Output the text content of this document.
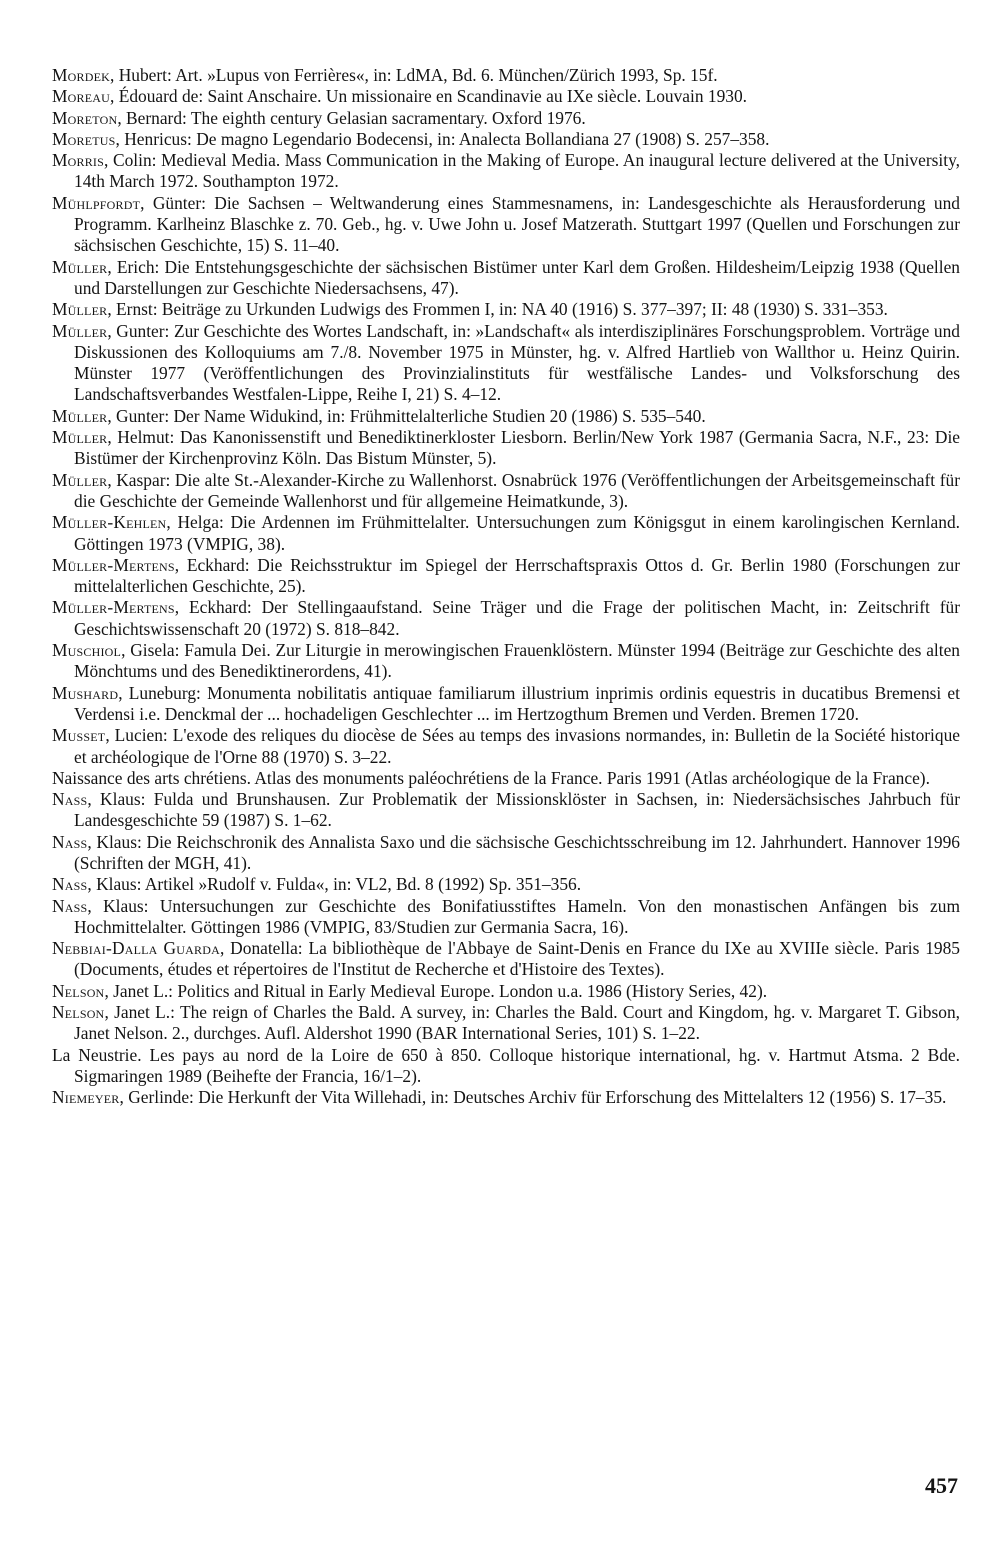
Mordek, Hubert: Art. »Lupus von Ferrières«, in: LdMA, Bd. 6. München/Zürich 1993, Sp. 15f.

Moreau, Édouard de: Saint Anschaire. Un missionaire en Scandinavie au IXe siècle. Louvain 1930.

Moreton, Bernard: The eighth century Gelasian sacramentary. Oxford 1976.

Moretus, Henricus: De magno Legendario Bodecensi, in: Analecta Bollandiana 27 (1908) S. 257–358.

Morris, Colin: Medieval Media. Mass Communication in the Making of Europe. An inaugural lecture delivered at the University, 14th March 1972. Southampton 1972.

Mühlpfordt, Günter: Die Sachsen – Weltwanderung eines Stammesnamens, in: Landesgeschichte als Herausforderung und Programm. Karlheinz Blaschke z. 70. Geb., hg. v. Uwe John u. Josef Matzerath. Stuttgart 1997 (Quellen und Forschungen zur sächsischen Geschichte, 15) S. 11–40.

Müller, Erich: Die Entstehungsgeschichte der sächsischen Bistümer unter Karl dem Großen. Hildesheim/Leipzig 1938 (Quellen und Darstellungen zur Geschichte Niedersachsens, 47).

Müller, Ernst: Beiträge zu Urkunden Ludwigs des Frommen I, in: NA 40 (1916) S. 377–397; II: 48 (1930) S. 331–353.

Müller, Gunter: Zur Geschichte des Wortes Landschaft, in: »Landschaft« als interdisziplinäres Forschungsproblem. Vorträge und Diskussionen des Kolloquiums am 7./8. November 1975 in Münster, hg. v. Alfred Hartlieb von Wallthor u. Heinz Quirin. Münster 1977 (Veröffentlichungen des Provinzialinstituts für westfälische Landes- und Volksforschung des Landschaftsverbandes Westfalen-Lippe, Reihe I, 21) S. 4–12.

Müller, Gunter: Der Name Widukind, in: Frühmittelalterliche Studien 20 (1986) S. 535–540.

Müller, Helmut: Das Kanonissenstift und Benediktinerkloster Liesborn. Berlin/New York 1987 (Germania Sacra, N.F., 23: Die Bistümer der Kirchenprovinz Köln. Das Bistum Münster, 5).

Müller, Kaspar: Die alte St.-Alexander-Kirche zu Wallenhorst. Osnabrück 1976 (Veröffentlichungen der Arbeitsgemeinschaft für die Geschichte der Gemeinde Wallenhorst und für allgemeine Heimatkunde, 3).

Müller-Kehlen, Helga: Die Ardennen im Frühmittelalter. Untersuchungen zum Königsgut in einem karolingischen Kernland. Göttingen 1973 (VMPIG, 38).

Müller-Mertens, Eckhard: Die Reichsstruktur im Spiegel der Herrschaftspraxis Ottos d. Gr. Berlin 1980 (Forschungen zur mittelalterlichen Geschichte, 25).

Müller-Mertens, Eckhard: Der Stellingaaufstand. Seine Träger und die Frage der politischen Macht, in: Zeitschrift für Geschichtswissenschaft 20 (1972) S. 818–842.

Muschiol, Gisela: Famula Dei. Zur Liturgie in merowingischen Frauenklöstern. Münster 1994 (Beiträge zur Geschichte des alten Mönchtums und des Benediktinerordens, 41).

Mushard, Luneburg: Monumenta nobilitatis antiquae familiarum illustrium inprimis ordinis equestris in ducatibus Bremensi et Verdensi i.e. Denckmal der ... hochadeligen Geschlechter ... im Hertzogthum Bremen und Verden. Bremen 1720.

Musset, Lucien: L'exode des reliques du diocèse de Sées au temps des invasions normandes, in: Bulletin de la Société historique et archéologique de l'Orne 88 (1970) S. 3–22.

Naissance des arts chrétiens. Atlas des monuments paléochrétiens de la France. Paris 1991 (Atlas archéologique de la France).

Nass, Klaus: Fulda und Brunshausen. Zur Problematik der Missionsklöster in Sachsen, in: Niedersächsisches Jahrbuch für Landesgeschichte 59 (1987) S. 1–62.

Nass, Klaus: Die Reichschronik des Annalista Saxo und die sächsische Geschichtsschreibung im 12. Jahrhundert. Hannover 1996 (Schriften der MGH, 41).

Nass, Klaus: Artikel »Rudolf v. Fulda«, in: VL2, Bd. 8 (1992) Sp. 351–356.

Nass, Klaus: Untersuchungen zur Geschichte des Bonifatiusstiftes Hameln. Von den monastischen Anfängen bis zum Hochmittelalter. Göttingen 1986 (VMPIG, 83/Studien zur Germania Sacra, 16).

Nebbiai-Dalla Guarda, Donatella: La bibliothèque de l'Abbaye de Saint-Denis en France du IXe au XVIIIe siècle. Paris 1985 (Documents, études et répertoires de l'Institut de Recherche et d'Histoire des Textes).

Nelson, Janet L.: Politics and Ritual in Early Medieval Europe. London u.a. 1986 (History Series, 42).

Nelson, Janet L.: The reign of Charles the Bald. A survey, in: Charles the Bald. Court and Kingdom, hg. v. Margaret T. Gibson, Janet Nelson. 2., durchges. Aufl. Aldershot 1990 (BAR International Series, 101) S. 1–22.

La Neustrie. Les pays au nord de la Loire de 650 à 850. Colloque historique international, hg. v. Hartmut Atsma. 2 Bde. Sigmaringen 1989 (Beihefte der Francia, 16/1–2).

Niemeyer, Gerlinde: Die Herkunft der Vita Willehadi, in: Deutsches Archiv für Erforschung des Mittelalters 12 (1956) S. 17–35.

457
